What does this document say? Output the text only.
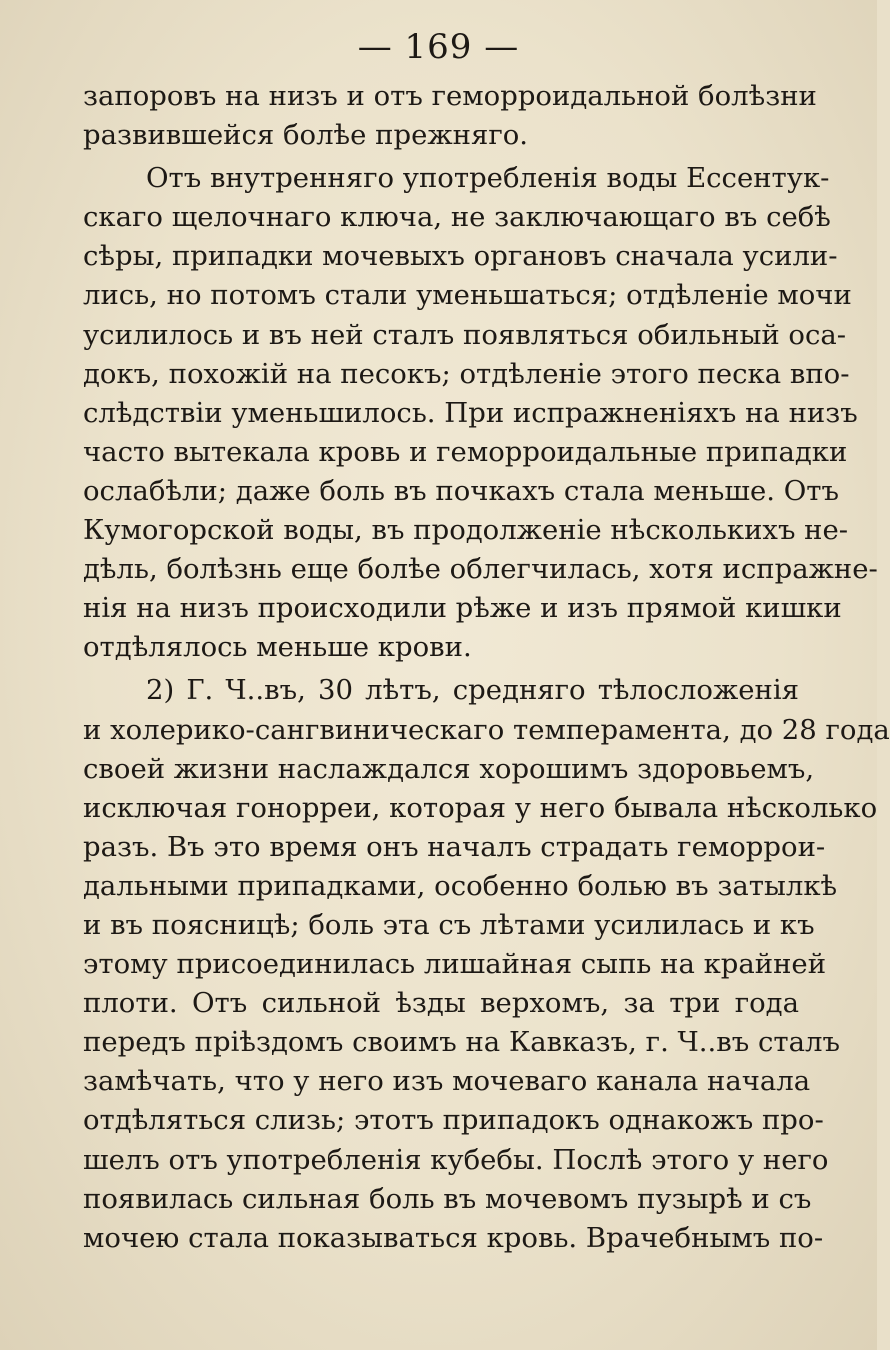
— 169 —
запоровъ на низъ и отъ геморроидальной болѣзни
развившейся болѣе прежняго.
Отъ внутренняго употребленія воды Ессентук-
скаго щелочнаго ключа, не заключающаго въ себѣ
сѣры, припадки мочевыхъ органовъ сначала усили-
лись, но потомъ стали уменьшаться; отдѣленіе мочи
усилилось и въ ней сталъ появляться обильный оса-
докъ, похожій на песокъ; отдѣленіе этого песка впо-
слѣдствіи уменьшилось. При испражненіяхъ на низъ
часто вытекала кровь и геморроидальные припадки
ослабѣли; даже боль въ почкахъ стала меньше. Отъ
Кумогорской воды, въ продолженіе нѣсколькихъ не-
дѣль, болѣзнь еще болѣе облегчилась, хотя испражне-
нія на низъ происходили рѣже и изъ прямой кишки
отдѣлялось меньше крови.
2) Г. Ч..въ, 30 лѣтъ, средняго тѣлосложенія
и холерико-сангвиническаго темперамента, до 28 года
своей жизни наслаждался хорошимъ здоровьемъ,
исключая гонорреи, которая у него бывала нѣсколько
разъ. Въ это время онъ началъ страдать геморрои-
дальными припадками, особенно болью въ затылкѣ
и въ поясницѣ; боль эта съ лѣтами усилилась и къ
этому присоединилась лишайная сыпь на крайней
плоти. Отъ сильной ѣзды верхомъ, за три года
передъ пріѣздомъ своимъ на Кавказъ, г. Ч..въ сталъ
замѣчать, что у него изъ мочеваго канала начала
отдѣляться слизь; этотъ припадокъ однакожъ про-
шелъ отъ употребленія кубебы. Послѣ этого у него
появилась сильная боль въ мочевомъ пузырѣ и съ
мочею стала показываться кровь. Врачебнымъ по-
